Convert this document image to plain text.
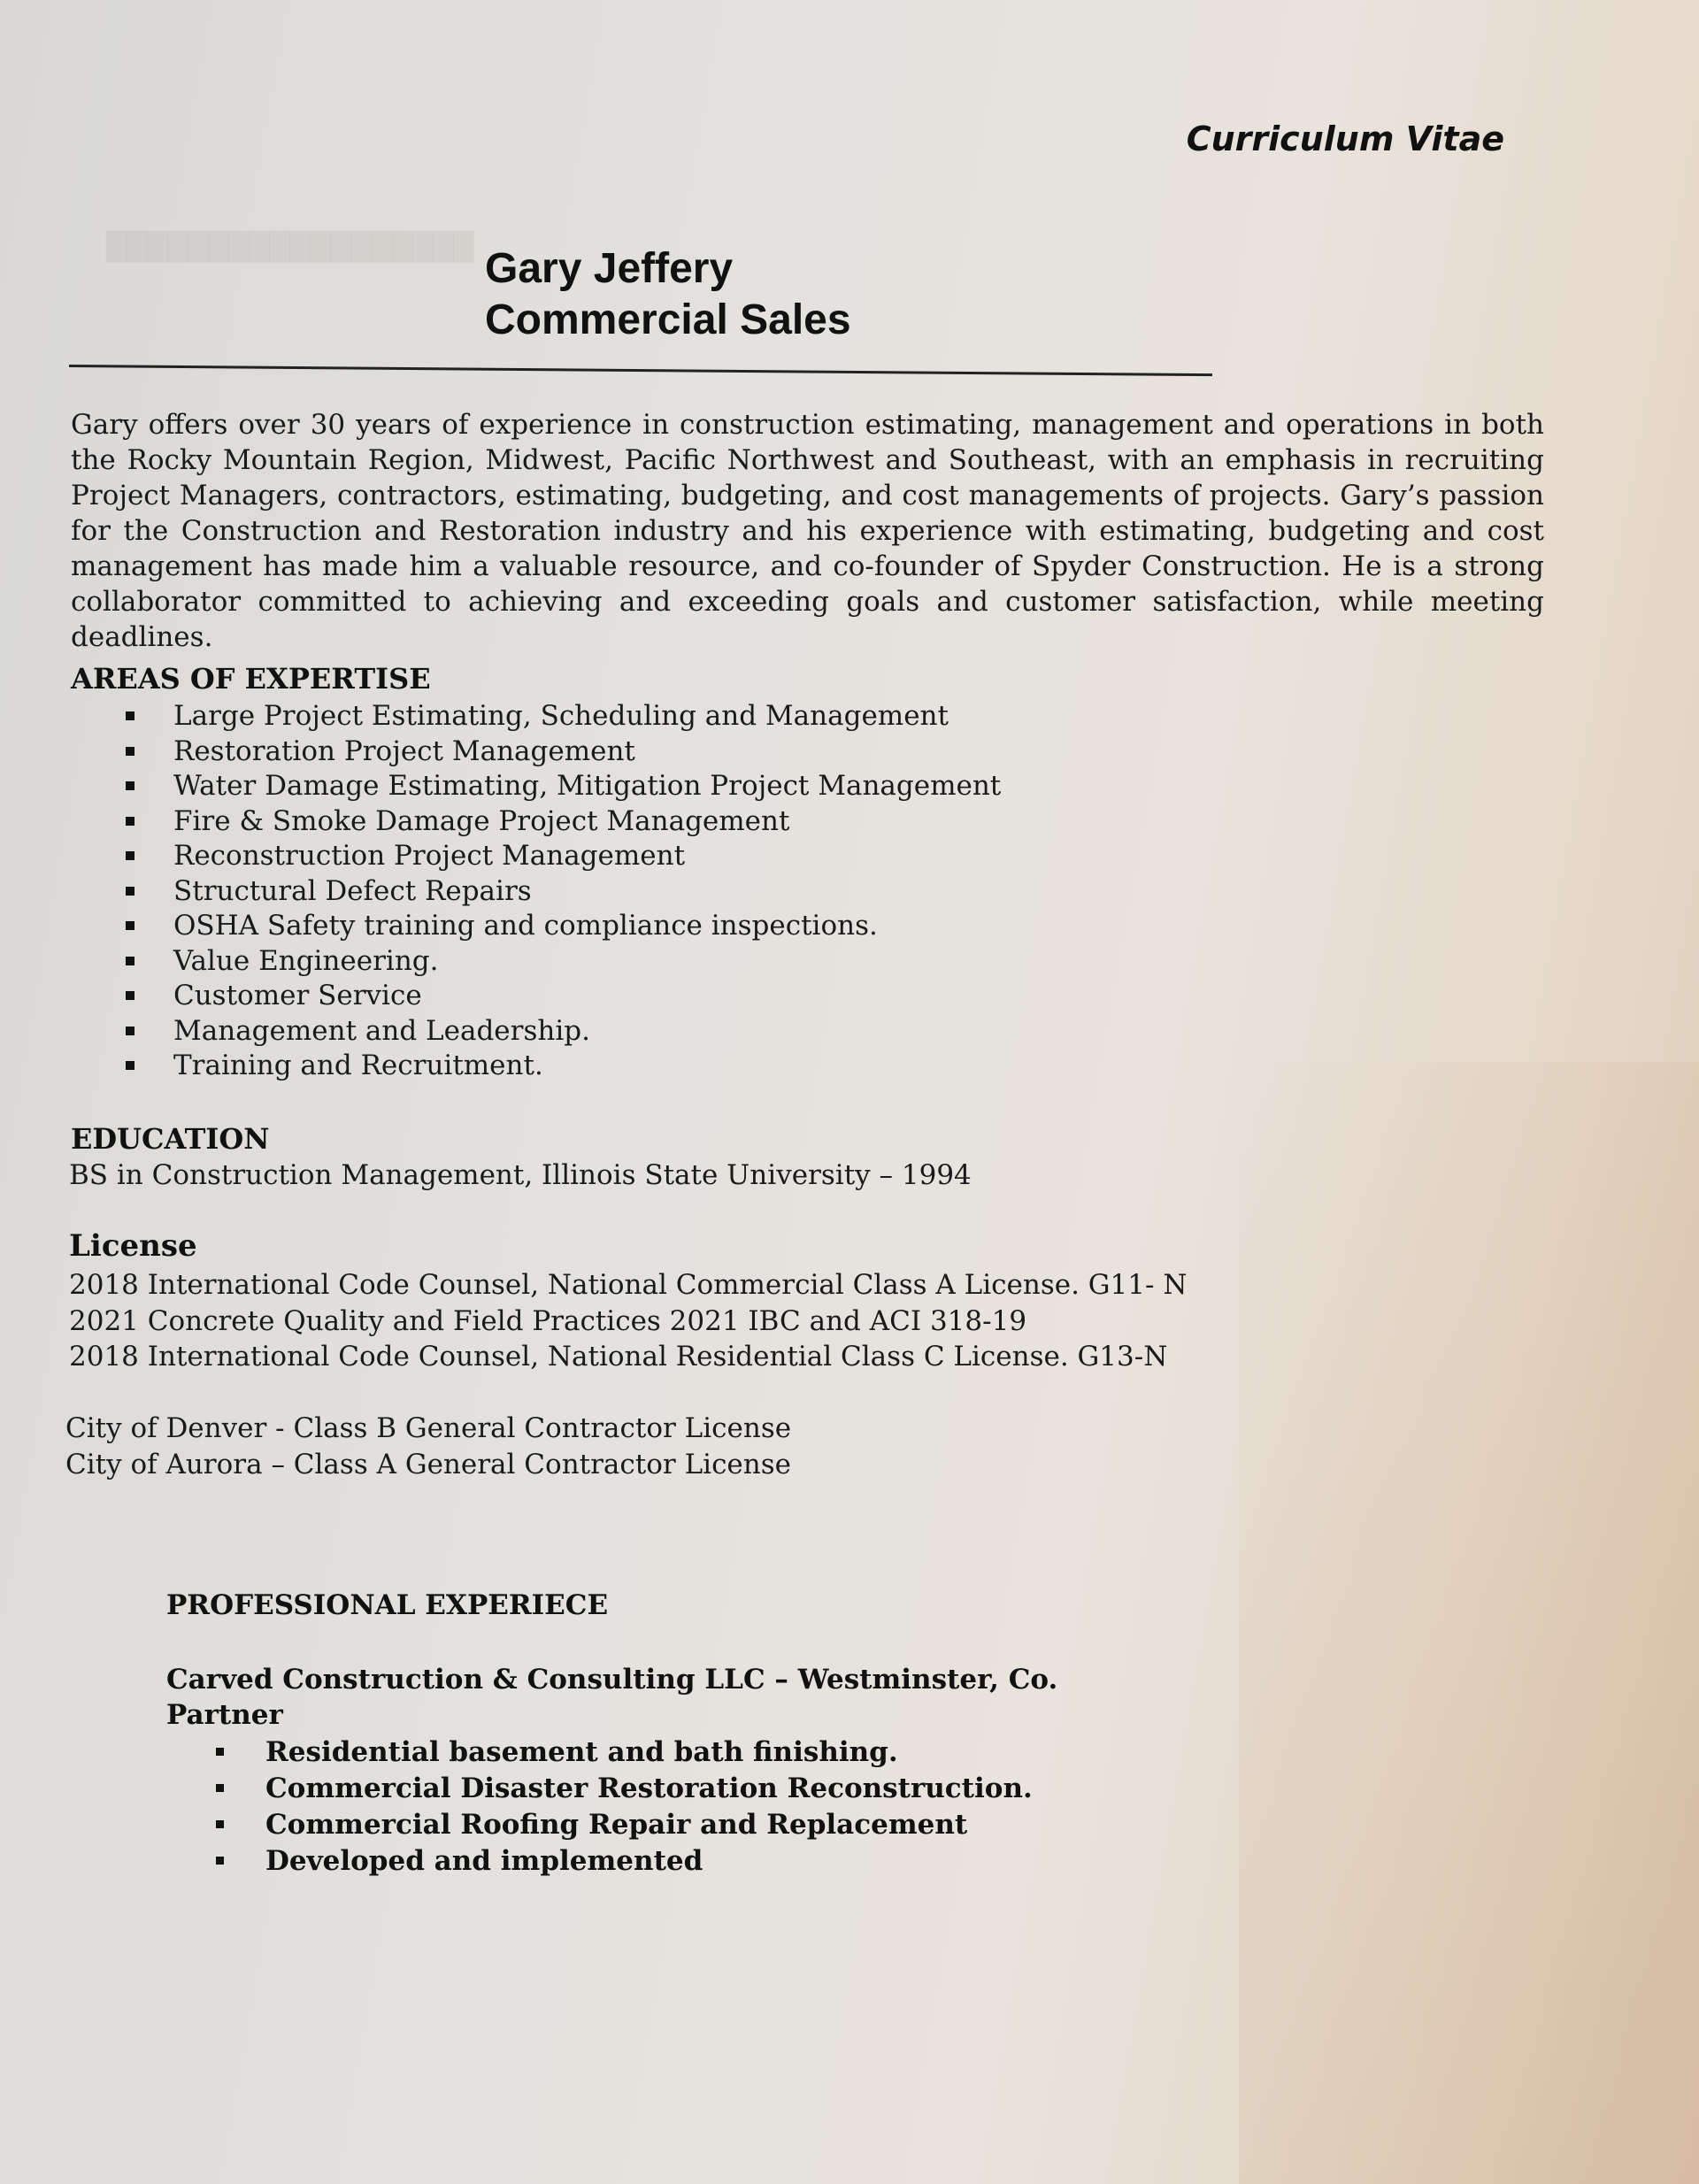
██████████████████
Curriculum Vitae
Gary Jeffery
Commercial Sales

Gary offers over 30 years of experience in construction estimating, management and operations in both the Rocky Mountain Region, Midwest, Pacific Northwest and Southeast, with an emphasis in recruiting Project Managers, contractors, estimating, budgeting, and cost managements of projects. Gary’s passion for the Construction and Restoration industry and his experience with estimating, budgeting and cost management has made him a valuable resource, and co-founder of Spyder Construction. He is a strong collaborator committed to achieving and exceeding goals and customer satisfaction, while meeting deadlines.

AREAS OF EXPERTISE
Large Project Estimating, Scheduling and Management
Restoration Project Management
Water Damage Estimating, Mitigation Project Management
Fire & Smoke Damage Project Management
Reconstruction Project Management
Structural Defect Repairs
OSHA Safety training and compliance inspections.
Value Engineering.
Customer Service
Management and Leadership.
Training and Recruitment.
EDUCATION
BS in Construction Management, Illinois State University – 1994
License
2018 International Code Counsel, National Commercial Class A License. G11- N
2021 Concrete Quality and Field Practices 2021 IBC and ACI 318-19
2018 International Code Counsel, National Residential Class C License. G13-N
City of Denver - Class B General Contractor License
City of Aurora – Class A General Contractor License
PROFESSIONAL EXPERIECE
Carved Construction & Consulting LLC – Westminster, Co.
Partner
Residential basement and bath finishing.
Commercial Disaster Restoration Reconstruction.
Commercial Roofing Repair and Replacement
Developed and implemented
